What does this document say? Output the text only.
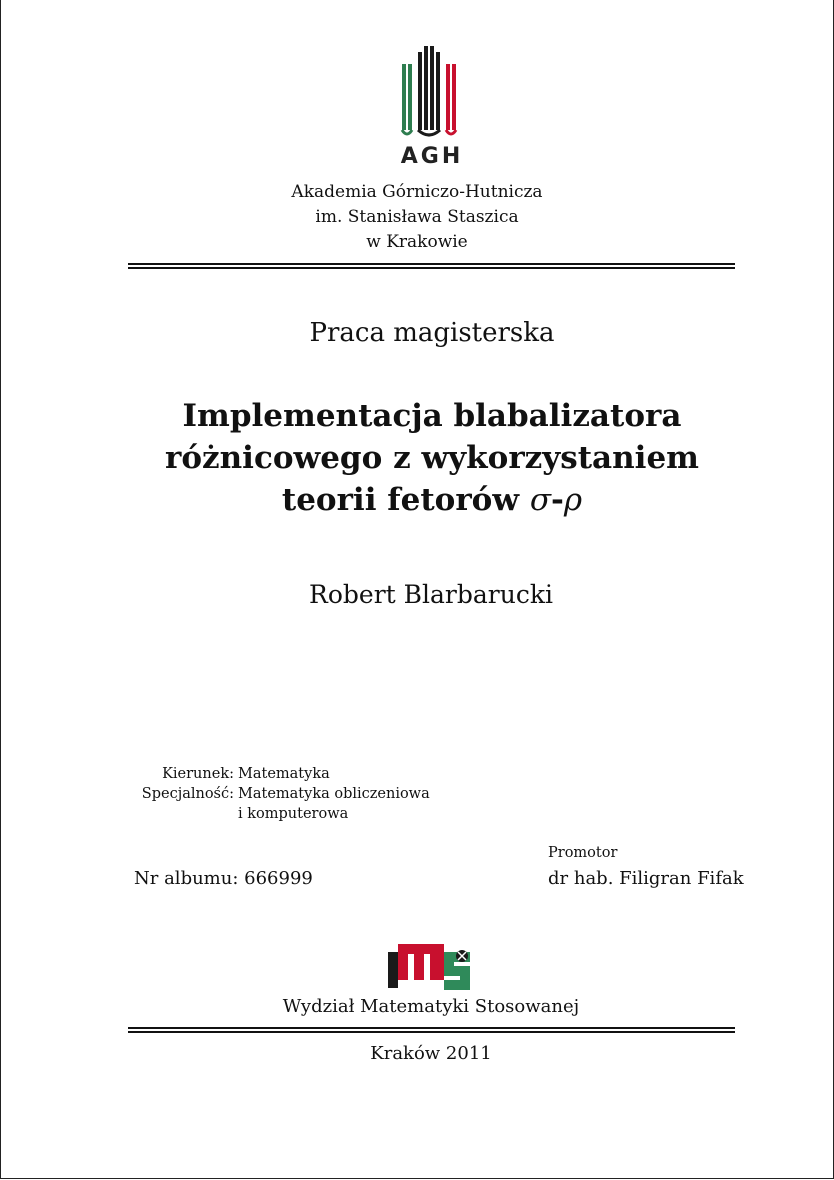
AGH
Akademia Górniczo-Hutnicza
im. Stanisława Staszica
w Krakowie
Praca magisterska
Implementacja blabalizatora
różnicowego z wykorzystaniem
teorii fetorów σ-ρ
Robert Blarbarucki
Kierunek: Matematyka
Specjalność: Matematyka obliczeniowa
i komputerowa
Nr albumu: 666999
Promotor
dr hab. Filigran Fifak
Wydział Matematyki Stosowanej
Kraków 2011
